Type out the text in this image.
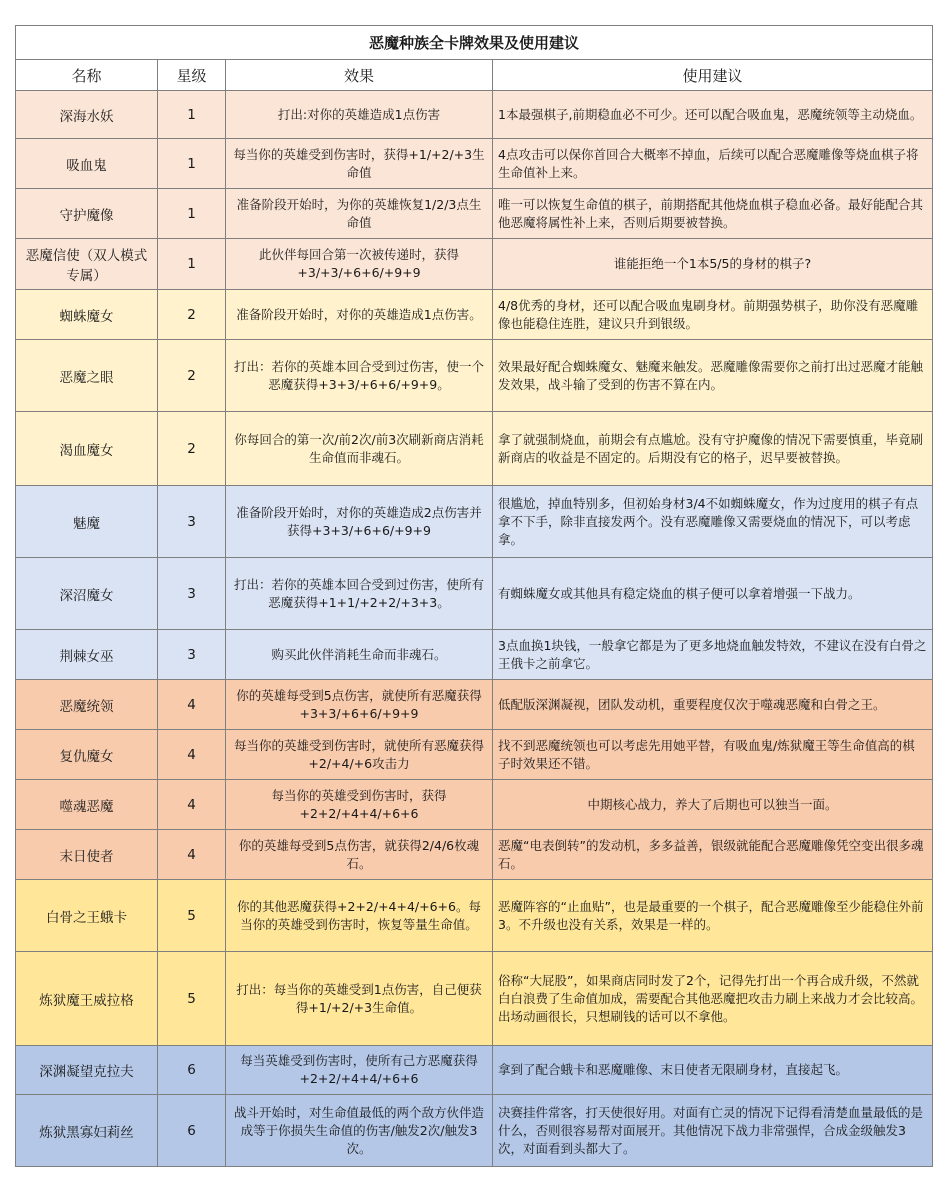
恶魔种族全卡牌效果及使用建议			
名称	星级	效果	使用建议
深海水妖	1	打出:对你的英雄造成1点伤害	1本最强棋子,前期稳血必不可少。还可以配合吸血鬼，恶魔统领等主动烧血。
吸血鬼	1	每当你的英雄受到伤害时，获得+1/+2/+3生命值	4点攻击可以保你首回合大概率不掉血，后续可以配合恶魔雕像等烧血棋子将生命值补上来。
守护魔像	1	准备阶段开始时，为你的英雄恢复1/2/3点生命值	唯一可以恢复生命值的棋子，前期搭配其他烧血棋子稳血必备。最好能配合其他恶魔将属性补上来，否则后期要被替换。
恶魔信使（双人模式专属）	1	此伙伴每回合第一次被传递时，获得+3/+3/+6+6/+9+9	谁能拒绝一个1本5/5的身材的棋子?
蜘蛛魔女	2	准备阶段开始时，对你的英雄造成1点伤害。	4/8优秀的身材，还可以配合吸血鬼刷身材。前期强势棋子，助你没有恶魔雕像也能稳住连胜，建议只升到银级。
恶魔之眼	2	打出：若你的英雄本回合受到过伤害，使一个恶魔获得+3+3/+6+6/+9+9。	效果最好配合蜘蛛魔女、魅魔来触发。恶魔雕像需要你之前打出过恶魔才能触发效果，战斗输了受到的伤害不算在内。
渴血魔女	2	你每回合的第一次/前2次/前3次刷新商店消耗生命值而非魂石。	拿了就强制烧血，前期会有点尴尬。没有守护魔像的情况下需要慎重，毕竟刷新商店的收益是不固定的。后期没有它的格子，迟早要被替换。
魅魔	3	准备阶段开始时，对你的英雄造成2点伤害并获得+3+3/+6+6/+9+9	很尴尬，掉血特别多，但初始身材3/4不如蜘蛛魔女，作为过度用的棋子有点拿不下手，除非直接发两个。没有恶魔雕像又需要烧血的情况下，可以考虑拿。
深沼魔女	3	打出：若你的英雄本回合受到过伤害，使所有恶魔获得+1+1/+2+2/+3+3。	有蜘蛛魔女或其他具有稳定烧血的棋子便可以拿着增强一下战力。
荆棘女巫	3	购买此伙伴消耗生命而非魂石。	3点血换1块钱，一般拿它都是为了更多地烧血触发特效，不建议在没有白骨之王俄卡之前拿它。
恶魔统领	4	你的英雄每受到5点伤害，就使所有恶魔获得+3+3/+6+6/+9+9	低配版深渊凝视，团队发动机，重要程度仅次于噬魂恶魔和白骨之王。
复仇魔女	4	每当你的英雄受到伤害时，就使所有恶魔获得+2/+4/+6攻击力	找不到恶魔统领也可以考虑先用她平替，有吸血鬼/炼狱魔王等生命值高的棋子时效果还不错。
噬魂恶魔	4	每当你的英雄受到伤害时，获得+2+2/+4+4/+6+6	中期核心战力，养大了后期也可以独当一面。
末日使者	4	你的英雄每受到5点伤害，就获得2/4/6枚魂石。	恶魔“电表倒转”的发动机，多多益善，银级就能配合恶魔雕像凭空变出很多魂石。
白骨之王蛾卡	5	你的其他恶魔获得+2+2/+4+4/+6+6。每当你的英雄受到伤害时，恢复等量生命值。	恶魔阵容的“止血贴”，也是最重要的一个棋子，配合恶魔雕像至少能稳住外前3。不升级也没有关系，效果是一样的。
炼狱魔王威拉格	5	打出：每当你的英雄受到1点伤害，自己便获得+1/+2/+3生命值。	俗称“大屁股”，如果商店同时发了2个，记得先打出一个再合成升级，不然就白白浪费了生命值加成，需要配合其他恶魔把攻击力刷上来战力才会比较高。出场动画很长，只想刷钱的话可以不拿他。
深渊凝望克拉夫	6	每当英雄受到伤害时，使所有己方恶魔获得+2+2/+4+4/+6+6	拿到了配合蛾卡和恶魔雕像、末日使者无限刷身材，直接起飞。
炼狱黑寡妇莉丝	6	战斗开始时，对生命值最低的两个敌方伙伴造成等于你损失生命值的伤害/触发2次/触发3次。	决赛挂件常客，打天使很好用。对面有亡灵的情况下记得看清楚血量最低的是什么，否则很容易帮对面展开。其他情况下战力非常强悍，合成金级触发3次，对面看到头都大了。
